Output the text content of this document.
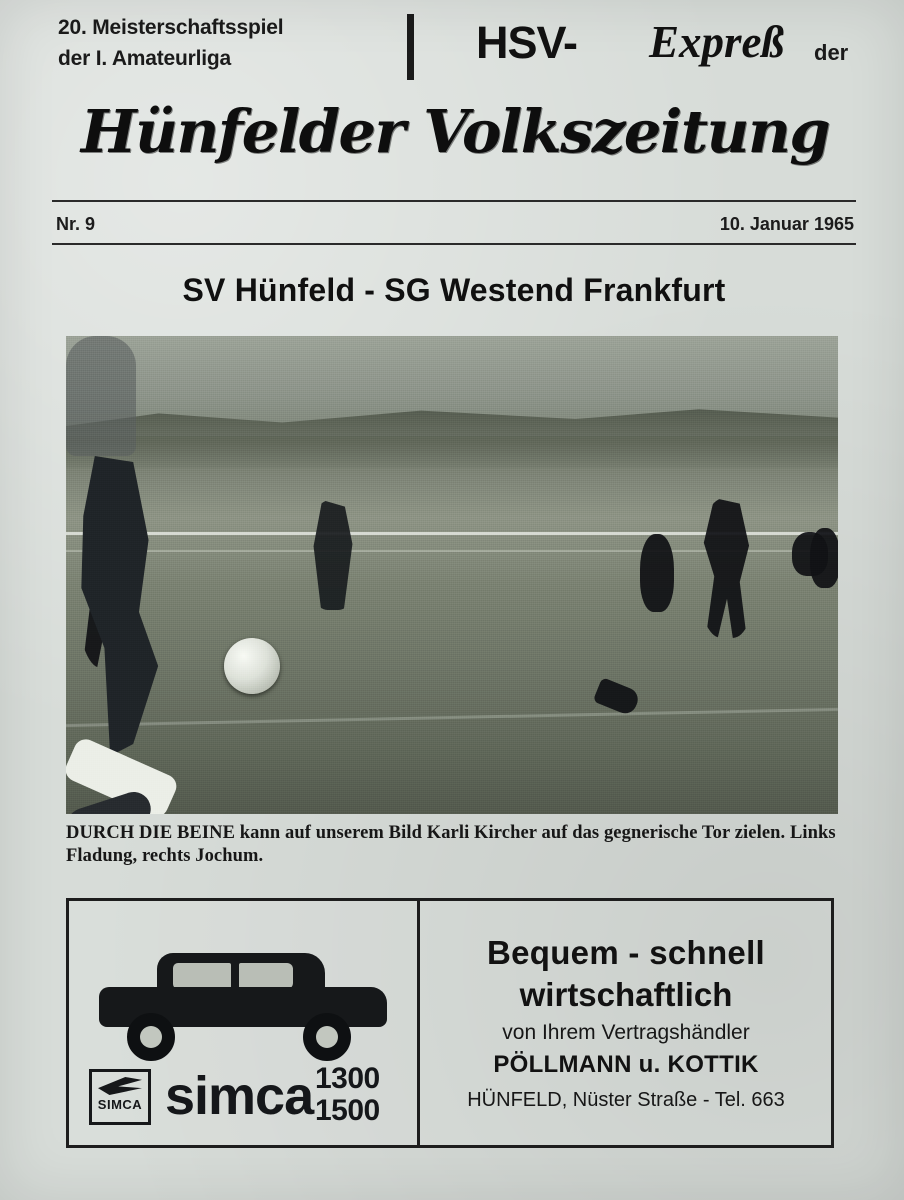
20. Meisterschaftsspiel
der I. Amateurliga	HSV- Expreß der
Hünfelder Volkszeitung
Nr. 9	10. Januar 1965
SV Hünfeld - SG Westend Frankfurt
DURCH DIE BEINE kann auf unserem Bild Karli Kircher auf das gegnerische Tor zielen. Links Fladung, rechts Jochum.
SIMCA simca 1300
1500
Bequem - schnell
wirtschaftlich
von Ihrem Vertragshändler
PÖLLMANN u. KOTTIK
HÜNFELD, Nüster Straße - Tel. 663
